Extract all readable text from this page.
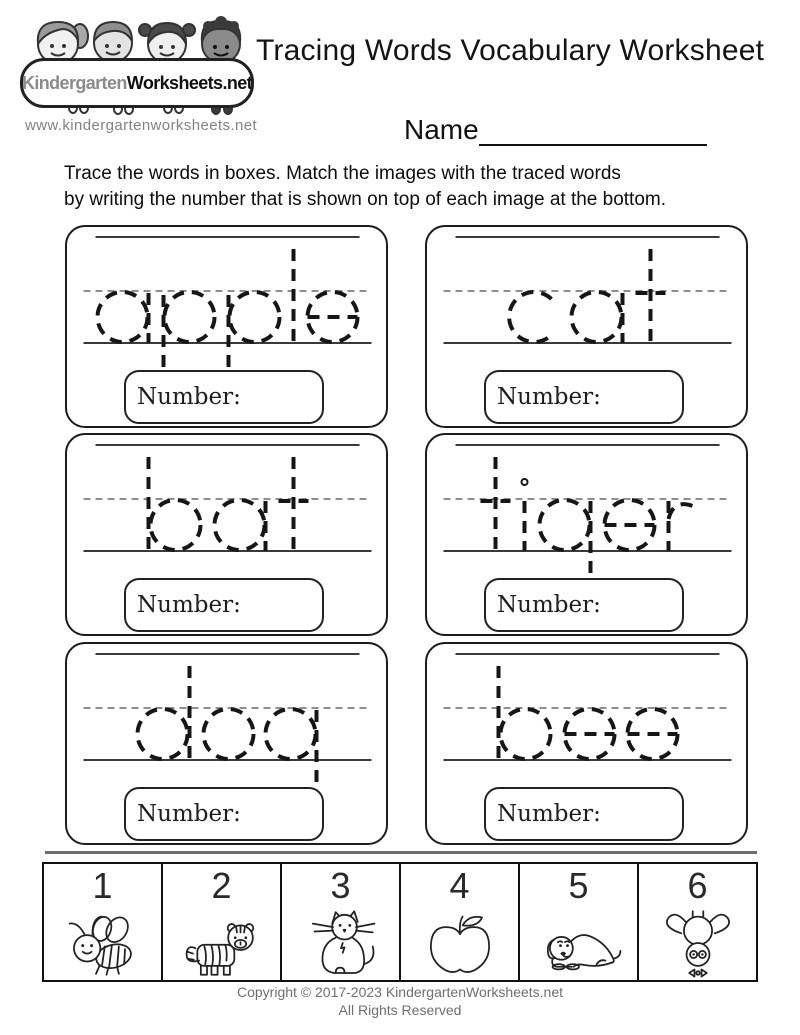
Kindergarten Worksheets.net
www.kindergartenworksheets.net
Tracing Words Vocabulary Worksheet
Name
Trace the words in boxes. Match the images with the traced words
by writing the number that is shown on top of each image at the bottom.
Number:	Number:
Number:	Number:
Number:	Number:
1	2	3	4	5	6
Copyright © 2017-2023 KindergartenWorksheets.net
All Rights Reserved
